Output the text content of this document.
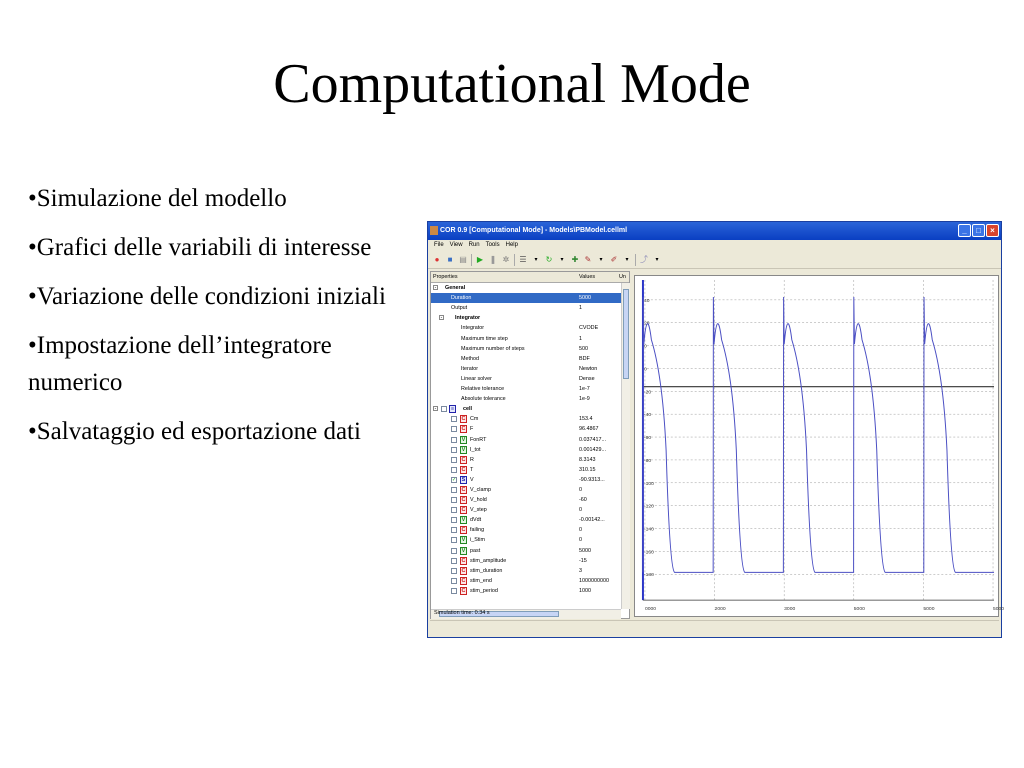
Computational Mode
•Simulazione del modello
•Grafici delle variabili di interesse
•Variazione delle condizioni iniziali
•Impostazione dell’integratore numerico
•Salvataggio ed esportazione dati
COR 0.9 [Computational Mode] - Models\PBModel.cellml	_	□	×
File View Run Tools Help
●	■ ▤ ▶ ❚ ✲ ☰	▾	↻	▾	✚ ✎	▾	✐	▾	⤴	▾
Properties	Values	Un
-	General
Duration	5000
Output	1
-	Integrator
Integrator	CVODE
Maximum time step	1
Maximum number of steps	500
Method	BDF
Iterator	Newton
Linear solver	Dense
Relative tolerance	1e-7
Absolute tolerance	1e-9
-	≡	cell
C Cm	153.4
C F	96.4867
V FonRT	0.037417...
V I_tot	0.001429...
C R	8.3143
C T	310.15
✓ S V	-90.9313...
C V_clamp	0
C V_hold	-60
C V_step	0
V dVdt	-0.00142...
C failing	0
V i_Stim	0
V past	5000
C stim_amplitude	-15
C stim_duration	3
C stim_end	1000000000
C stim_period	1000
40
20
0
0
-20
-40
-60
-80
-100
-120
-140
-160
-180
0000	2000	3000	5000	5000	5000
Simulation time: 0.34 s
